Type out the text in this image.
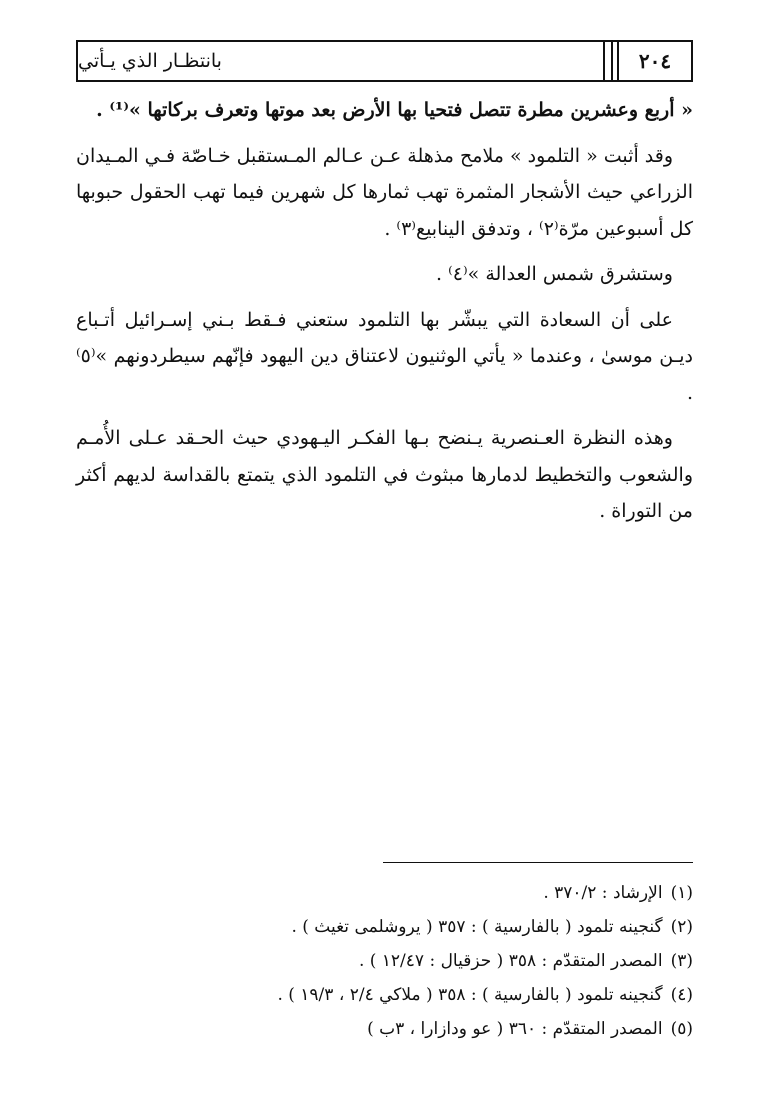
بانتظـار الذي يـأتي	٢٠٤

« أربع وعشرين مطرة تتصل فتحيا بها الأرض بعد موتها وتعرف بركاتها »⁽¹⁾ .

وقد أثبت « التلمود » ملامح مذهلة عـن عـالم المـستقبل خـاصّة فـي المـيدان الزراعي حيث الأشجار المثمرة تهب ثمارها كل شهرين فيما تهب الحقول حبوبها كل أسبوعين مرّة⁽٢⁾ ، وتدفق الينابيع⁽٣⁾ .

وستشرق شمس العدالة »⁽٤⁾ .

على أن السعادة التي يبشّر بها التلمود ستعني فـقط بـني إسـرائيل أتـباع ديـن موسىٰ ، وعندما « يأتي الوثنيون لاعتناق دين اليهود فإنّهم سيطردونهم »⁽٥⁾ .

وهذه النظرة العـنصرية يـنضح بـها الفكـر اليـهودي حيث الحـقد عـلى الأُمـم والشعوب والتخطيط لدمارها مبثوث في التلمود الذي يتمتع بالقداسة لديهم أكثر من التوراة .

(١)الإرشاد : ٣٧٠/٢ .
(٢)گنجينه تلمود ( بالفارسية ) : ٣٥٧ ( يروشلمى تغيث ) .
(٣)المصدر المتقدّم : ٣٥٨ ( حزقيال : ١٢/٤٧ ) .
(٤)گنجينه تلمود ( بالفارسية ) : ٣٥٨ ( ملاكي ٢/٤ ، ١٩/٣ ) .
(٥)المصدر المتقدّم : ٣٦٠ ( عو ودازارا ، ٣ب )
